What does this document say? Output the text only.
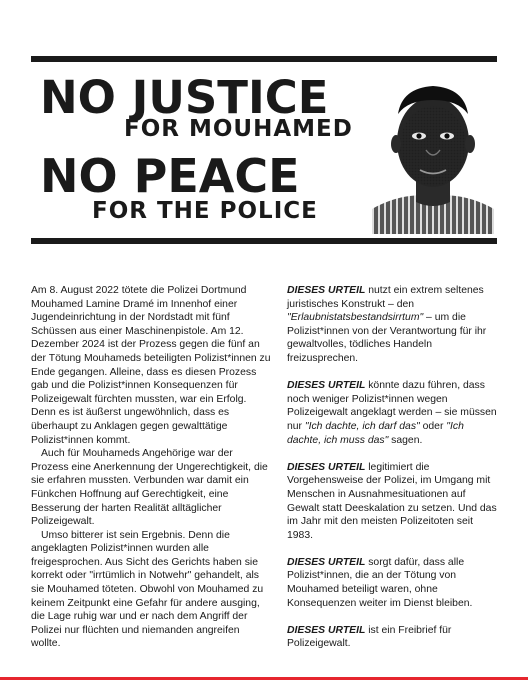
NO JUSTICE
FOR MOUHAMED
NO PEACE
FOR THE POLICE

Am 8. August 2022 tötete die Polizei Dortmund Mouhamed Lamine Dramé im Innenhof einer Jugendeinrichtung in der Nordstadt mit fünf Schüssen aus einer Maschinenpistole. Am 12. Dezember 2024 ist der Prozess gegen die fünf an der Tötung Mouhameds beteiligten Polizist*innen zu Ende gegangen. Alleine, dass es diesen Prozess gab und die Polizist*innen Konsequenzen für Polizeigewalt fürchten mussten, war ein Erfolg. Denn es ist äußerst ungewöhnlich, dass es überhaupt zu Anklagen gegen gewalttätige Polizist*innen kommt.

Auch für Mouhameds Angehörige war der Prozess eine Anerkennung der Ungerechtigkeit, die sie erfahren mussten. Verbunden war damit ein Fünkchen Hoffnung auf Gerechtigkeit, eine Besserung der harten Realität alltäglicher Polizeigewalt.

Umso bitterer ist sein Ergebnis. Denn die angeklagten Polizist*innen wurden alle freigesprochen. Aus Sicht des Gerichts haben sie korrekt oder "irrtümlich in Notwehr" gehandelt, als sie Mouhamed töteten. Obwohl von Mouhamed zu keinem Zeitpunkt eine Gefahr für andere ausging, die Lage ruhig war und er nach dem Angriff der Polizei nur flüchten und niemanden angreifen wollte.

DIESES URTEIL nutzt ein extrem seltenes juristisches Konstrukt – den "Erlaubnistatsbestandsirrtum" – um die Polizist*innen von der Verantwortung für ihr gewaltvolles, tödliches Handeln freizusprechen.

DIESES URTEIL könnte dazu führen, dass noch weniger Polizist*innen wegen Polizeigewalt angeklagt werden – sie müssen nur "Ich dachte, ich darf das" oder "Ich dachte, ich muss das" sagen.

DIESES URTEIL legitimiert die Vorgehensweise der Polizei, im Umgang mit Menschen in Ausnahmesituationen auf Gewalt statt Deeskalation zu setzen. Und das im Jahr mit den meisten Polizeitoten seit 1983.

DIESES URTEIL sorgt dafür, dass alle Polizist*innen, die an der Tötung von Mouhamed beteiligt waren, ohne Konsequenzen weiter im Dienst bleiben.

DIESES URTEIL ist ein Freibrief für Polizeigewalt.
